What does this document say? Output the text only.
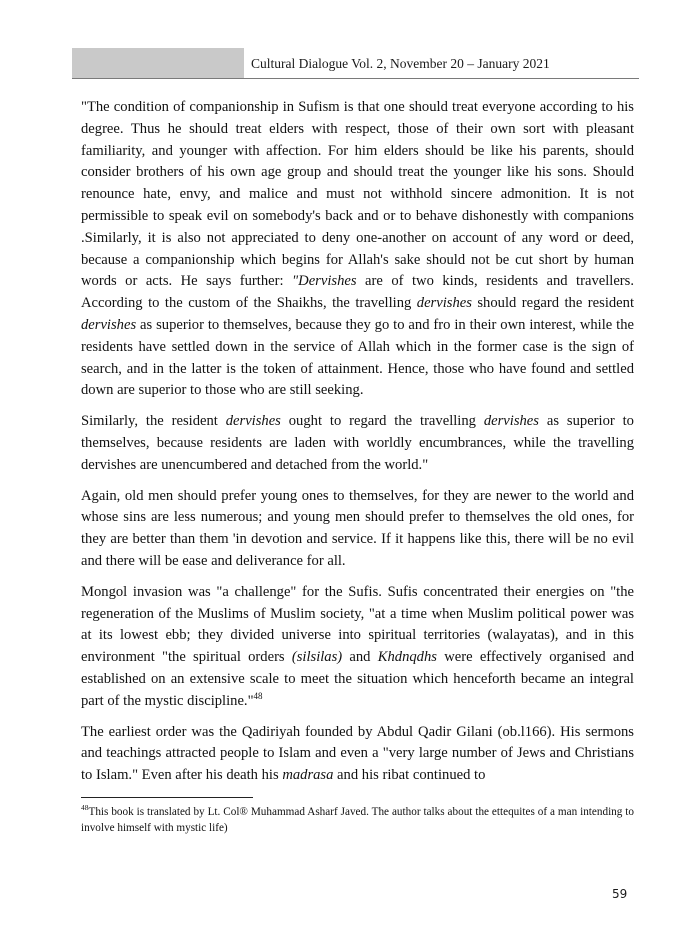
Cultural Dialogue Vol. 2, November 20 – January 2021

"The condition of companionship in Sufism is that one should treat everyone according to his degree. Thus he should treat elders with respect, those of their own sort with pleasant familiarity, and younger with affection. For him elders should be like his parents, should consider brothers of his own age group and should treat the younger like his sons. Should renounce hate, envy, and malice and must not withhold sincere admonition. It is not permissible to speak evil on somebody's back and or to behave dishonestly with companions .Similarly, it is also not appreciated to deny one-another on account of any word or deed, because a companionship which begins for Allah's sake should not be cut short by human words or acts. He says further: "Dervishes are of two kinds, residents and travellers. According to the custom of the Shaikhs, the travelling dervishes should regard the resident dervishes as superior to themselves, because they go to and fro in their own interest, while the residents have settled down in the service of Allah which in the former case is the sign of search, and in the latter is the token of attainment. Hence, those who have found and settled down are superior to those who are still seeking.

Similarly, the resident dervishes ought to regard the travelling dervishes as superior to themselves, because residents are laden with worldly encumbrances, while the travelling dervishes are unencumbered and detached from the world."

Again, old men should prefer young ones to themselves, for they are newer to the world and whose sins are less numerous; and young men should prefer to themselves the old ones, for they are better than them 'in devotion and service. If it happens like this, there will be no evil and there will be ease and deliverance for all.

Mongol invasion was "a challenge" for the Sufis. Sufis concentrated their energies on "the regeneration of the Muslims of Muslim society, "at a time when Muslim political power was at its lowest ebb; they divided universe into spiritual territories (walayatas), and in this environment "the spiritual orders (silsilas) and Khdnqdhs were effectively organised and established on an extensive scale to meet the situation which henceforth became an integral part of the mystic discipline."$^{48}$

The earliest order was the Qadiriyah founded by Abdul Qadir Gilani (ob.l166). His sermons and teachings attracted people to Islam and even a "very large number of Jews and Christians to Islam." Even after his death his madrasa and his ribat continued to

$^{48}$This book is translated by Lt. Col® Muhammad Asharf Javed. The author talks about the ettequites of a man intending to involve himself with mystic life)

59
